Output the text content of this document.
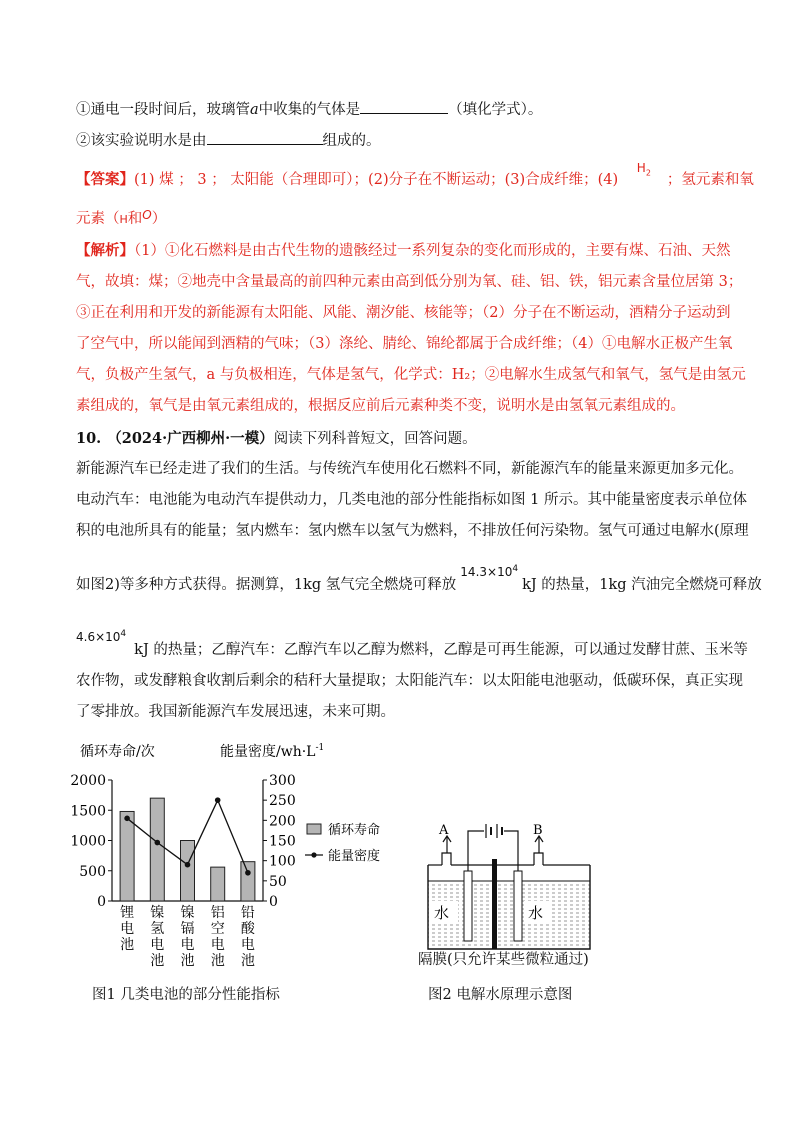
①通电一段时间后，玻璃管a中收集的气体是	（填化学式）。
②该实验说明水是由	组成的。
【答案】(1) 煤 ； 3 ； 太阳能（合理即可）；(2)分子在不断运动；(3)合成纤维；(4) $^{H_2}$ ；氢元素和氧
元素（H和$^O$）
【解析】（1）①化石燃料是由古代生物的遗骸经过一系列复杂的变化而形成的，主要有煤、石油、天然
气，故填：煤；②地壳中含量最高的前四种元素由高到低分别为氧、硅、铝、铁，铝元素含量位居第 3；
③正在利用和开发的新能源有太阳能、风能、潮汐能、核能等；（2）分子在不断运动，酒精分子运动到
了空气中，所以能闻到酒精的气味；（3）涤纶、腈纶、锦纶都属于合成纤维；（4）①电解水正极产生氧
气，负极产生氢气，a 与负极相连，气体是氢气，化学式：H₂；②电解水生成氢气和氧气，氢气是由氢元
素组成的，氧气是由氧元素组成的，根据反应前后元素种类不变，说明水是由氢氧元素组成的。
10. （2024·广西柳州·一模）阅读下列科普短文，回答问题。
新能源汽车已经走进了我们的生活。与传统汽车使用化石燃料不同，新能源汽车的能量来源更加多元化。
电动汽车：电池能为电动汽车提供动力，几类电池的部分性能指标如图 1 所示。其中能量密度表示单位体
积的电池所具有的能量；氢内燃车：氢内燃车以氢气为燃料，不排放任何污染物。氢气可通过电解水(原理
如图2)等多种方式获得。据测算，1kg 氢气完全燃烧可释放$^{14.3\times 10^4}$kJ 的热量，1kg 汽油完全燃烧可释放
$^{4.6\times 10^4}$kJ 的热量；乙醇汽车：乙醇汽车以乙醇为燃料，乙醇是可再生能源，可以通过发酵甘蔗、玉米等
农作物，或发酵粮食收割后剩余的秸秆大量提取；太阳能汽车：以太阳能电池驱动，低碳环保，真正实现
了零排放。我国新能源汽车发展迅速，未来可期。
循环寿命/次	能量密度$/wh\cdot L^{-1}$
0
500
1000
1500
2000
0
50
100
150
200
250
300
锂
电
池
镍
氢
电
池
镍
镉
电
池
铝
空
电
池
铅
酸
电
池
循环寿命
能量密度
图1 几类电池的部分性能指标
A	B
水	水
隔膜(只允许某些微粒通过)
图2 电解水原理示意图
